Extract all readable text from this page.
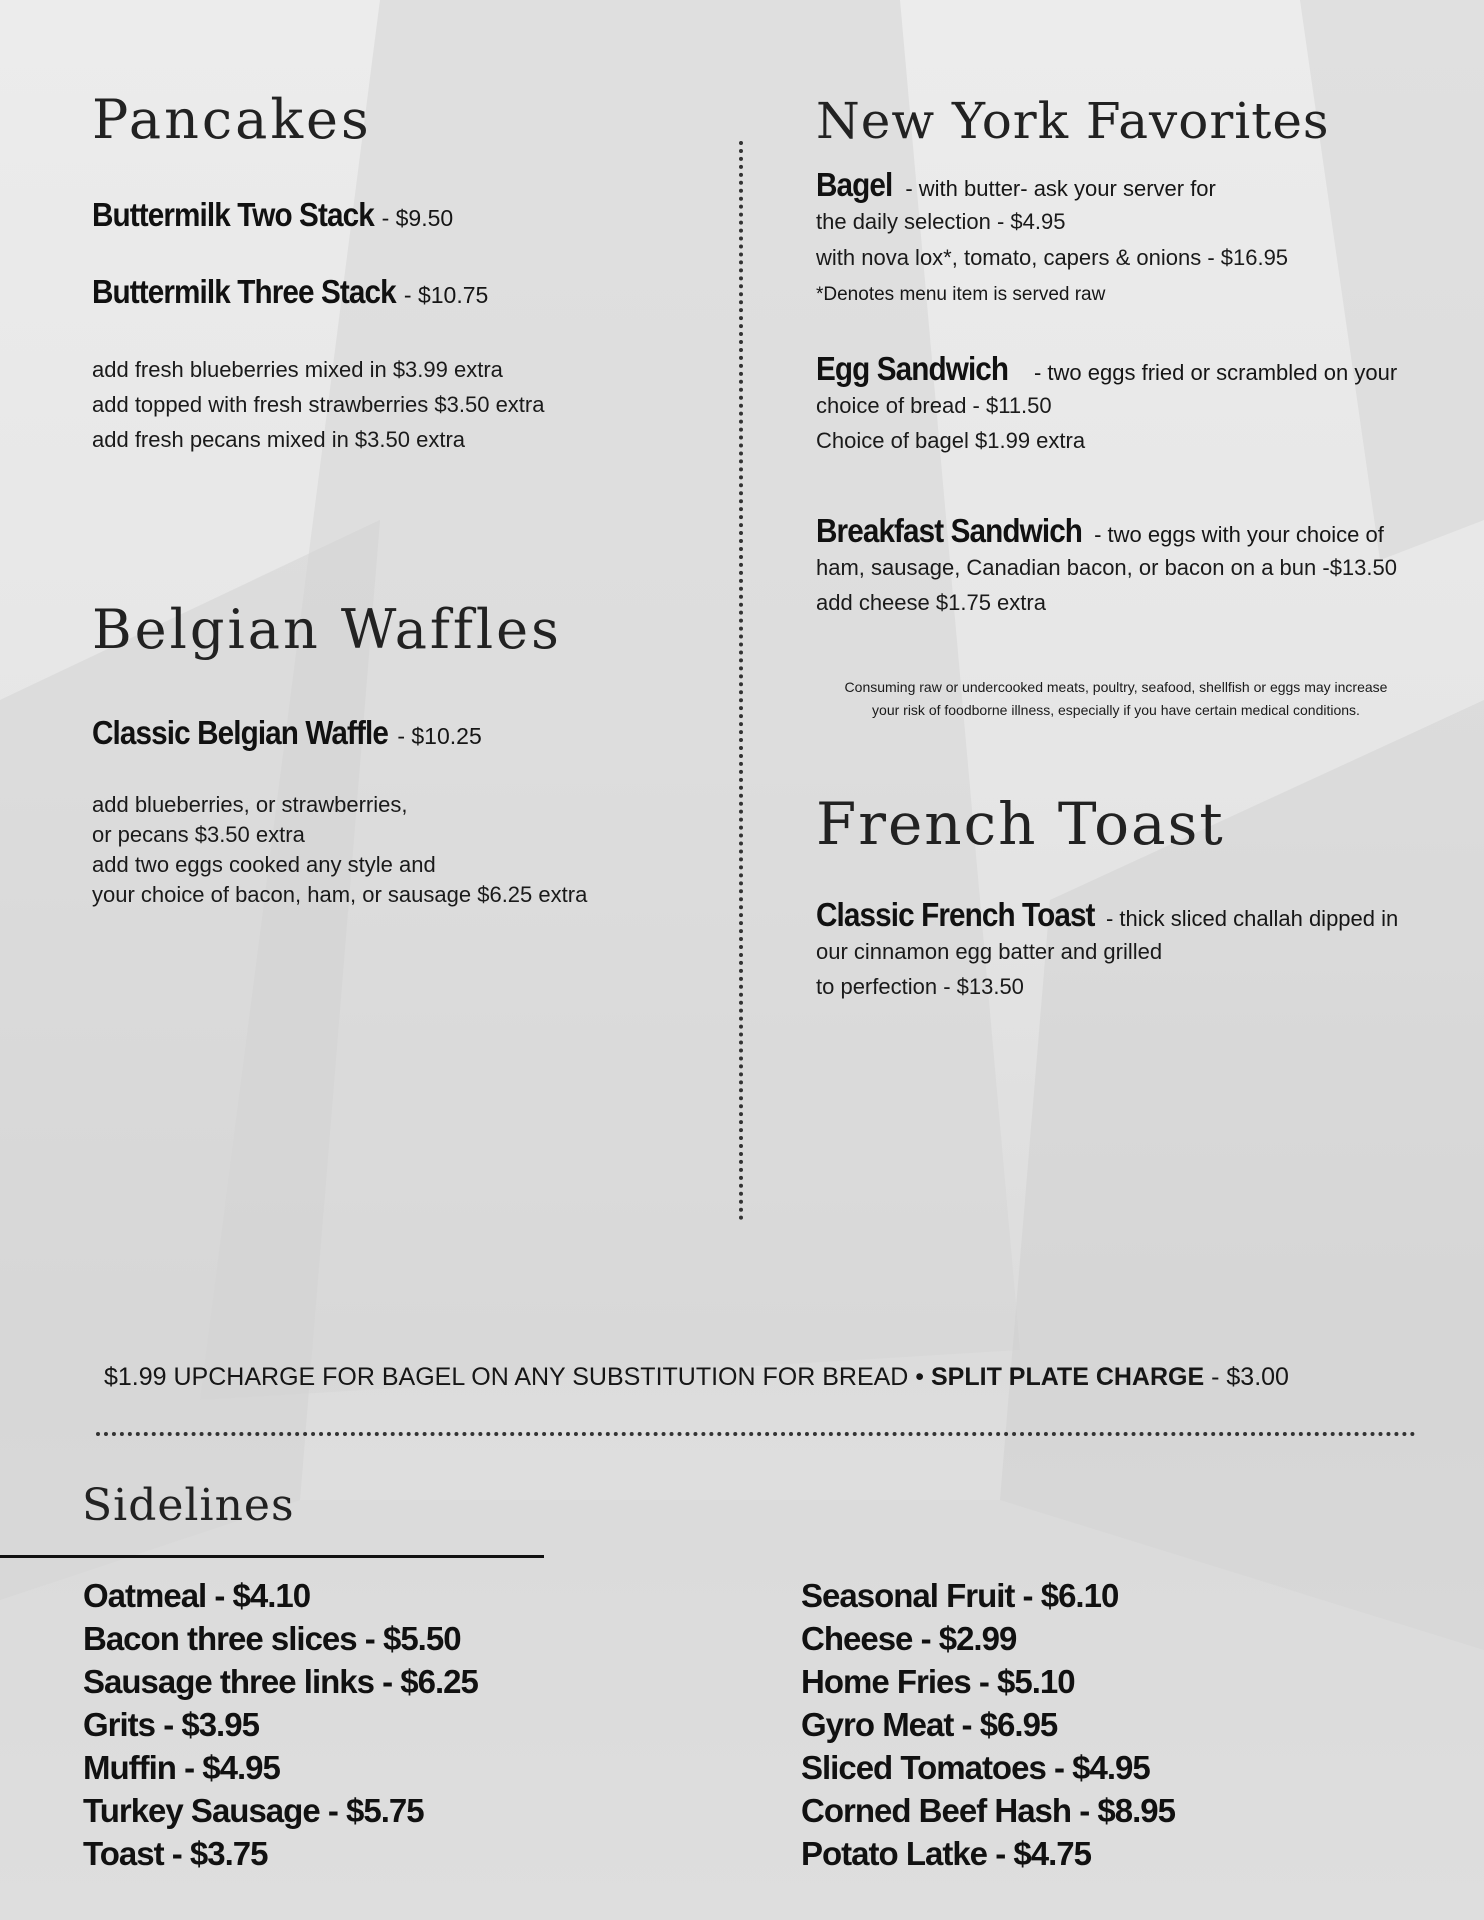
Pancakes
Buttermilk Two Stack - $9.50
Buttermilk Three Stack - $10.75
add fresh blueberries mixed in $3.99 extra
add topped with fresh strawberries $3.50 extra
add fresh pecans mixed in $3.50 extra
Belgian Waffles
Classic Belgian Waffle - $10.25
add blueberries, or strawberries,
or pecans $3.50 extra
add two eggs cooked any style and
your choice of bacon, ham, or sausage $6.25 extra
New York Favorites
Bagel - with butter- ask your server for
the daily selection - $4.95
with nova lox*, tomato, capers & onions - $16.95
*Denotes menu item is served raw
Egg Sandwich - two eggs fried or scrambled on your
choice of bread - $11.50
Choice of bagel $1.99 extra
Breakfast Sandwich - two eggs with your choice of
ham, sausage, Canadian bacon, or bacon on a bun -$13.50
add cheese $1.75 extra
Consuming raw or undercooked meats, poultry, seafood, shellfish or eggs may increase
your risk of foodborne illness, especially if you have certain medical conditions.
French Toast
Classic French Toast - thick sliced challah dipped in
our cinnamon egg batter and grilled
to perfection - $13.50
$1.99 UPCHARGE FOR BAGEL ON ANY SUBSTITUTION FOR BREAD • SPLIT PLATE CHARGE - $3.00
Sidelines
Oatmeal - $4.10
Bacon three slices - $5.50
Sausage three links - $6.25
Grits - $3.95
Muffin - $4.95
Turkey Sausage - $5.75
Toast - $3.75
Seasonal Fruit - $6.10
Cheese - $2.99
Home Fries - $5.10
Gyro Meat - $6.95
Sliced Tomatoes - $4.95
Corned Beef Hash - $8.95
Potato Latke - $4.75
